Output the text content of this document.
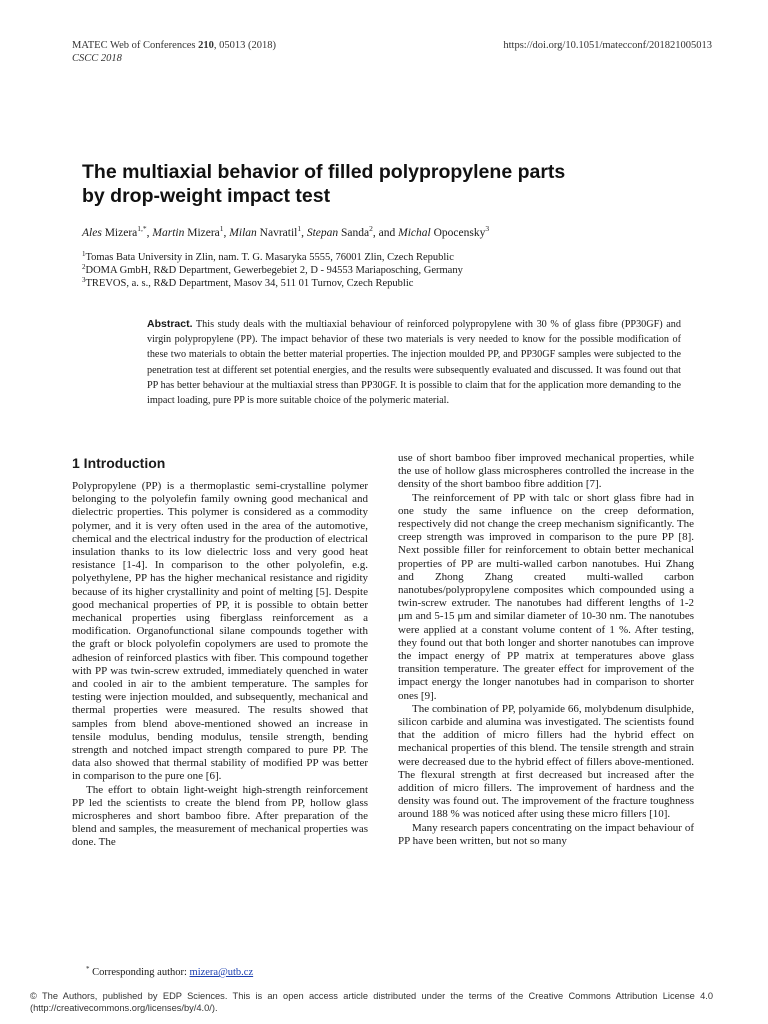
MATEC Web of Conferences 210, 05013 (2018)
CSCC 2018
https://doi.org/10.1051/matecconf/201821005013
The multiaxial behavior of filled polypropylene parts
by drop-weight impact test
Ales Mizera$^{1,*}$, Martin Mizera$^1$, Milan Navratil$^1$, Stepan Sanda$^2$, and Michal Opocensky$^3$
$^1$Tomas Bata University in Zlin, nam. T. G. Masaryka 5555, 76001 Zlin, Czech Republic
$^2$DOMA GmbH, R&D Department, Gewerbegebiet 2, D - 94553 Mariaposching, Germany
$^3$TREVOS, a. s., R&D Department, Masov 34, 511 01 Turnov, Czech Republic
Abstract. This study deals with the multiaxial behaviour of reinforced polypropylene with 30 % of glass fibre (PP30GF) and virgin polypropylene (PP). The impact behavior of these two materials is very needed to know for the possible modification of these two materials to obtain the better material properties. The injection moulded PP, and PP30GF samples were subjected to the penetration test at different set potential energies, and the results were subsequently evaluated and discussed. It was found out that PP has better behaviour at the multiaxial stress than PP30GF. It is possible to claim that for the application more demanding to the impact loading, pure PP is more suitable choice of the polymeric material.
1 Introduction

Polypropylene (PP) is a thermoplastic semi-crystalline polymer belonging to the polyolefin family owning good mechanical and dielectric properties. This polymer is considered as a commodity polymer, and it is very often used in the area of the automotive, chemical and the electrical industry for the production of electrical insulation thanks to its low dielectric loss and very good heat resistance [1-4]. In comparison to the other polyolefin, e.g. polyethylene, PP has the higher mechanical resistance and rigidity because of its higher crystallinity and point of melting [5]. Despite good mechanical properties of PP, it is possible to obtain better mechanical properties using fiberglass reinforcement as a modification. Organofunctional silane compounds together with the graft or block polyolefin copolymers are used to promote the adhesion of reinforced plastics with fiber. This compound together with PP was twin-screw extruded, immediately quenched in water and cooled in air to the ambient temperature. The samples for testing were injection moulded, and subsequently, mechanical and thermal properties were measured. The results showed that samples from blend above-mentioned showed an increase in tensile modulus, bending modulus, tensile strength, bending strength and notched impact strength compared to pure PP. The data also showed that thermal stability of modified PP was better in comparison to the pure one [6].

The effort to obtain light-weight high-strength reinforcement PP led the scientists to create the blend from PP, hollow glass microspheres and short bamboo fibre. After preparation of the blend and samples, the measurement of mechanical properties was done. The

use of short bamboo fiber improved mechanical properties, while the use of hollow glass microspheres controlled the increase in the density of the short bamboo fibre addition [7].

The reinforcement of PP with talc or short glass fibre had in one study the same influence on the creep deformation, respectively did not change the creep mechanism significantly. The creep strength was improved in comparison to the pure PP [8]. Next possible filler for reinforcement to obtain better mechanical properties of PP are multi-walled carbon nanotubes. Hui Zhang and Zhong Zhang created multi-walled carbon nanotubes/polypropylene composites which compounded using a twin-screw extruder. The nanotubes had different lengths of 1-2 μm and 5-15 μm and similar diameter of 10-30 nm. The nanotubes were applied at a constant volume content of 1 %. After testing, they found out that both longer and shorter nanotubes can improve the impact energy of PP matrix at temperatures above glass transition temperature. The greater effect for improvement of the impact energy the longer nanotubes had in comparison to shorter ones [9].

The combination of PP, polyamide 66, molybdenum disulphide, silicon carbide and alumina was investigated. The scientists found that the addition of micro fillers had the hybrid effect on mechanical properties of this blend. The tensile strength and strain were decreased due to the hybrid effect of fillers above-mentioned. The flexural strength at first decreased but increased after the addition of micro fillers. The improvement of hardness and the density was found out. The improvement of the fracture toughness around 188 % was noticed after using these micro fillers [10].

Many research papers concentrating on the impact behaviour of PP have been written, but not so many

* Corresponding author: mizera@utb.cz
© The Authors, published by EDP Sciences. This is an open access article distributed under the terms of the Creative Commons Attribution License 4.0 (http://creativecommons.org/licenses/by/4.0/).
